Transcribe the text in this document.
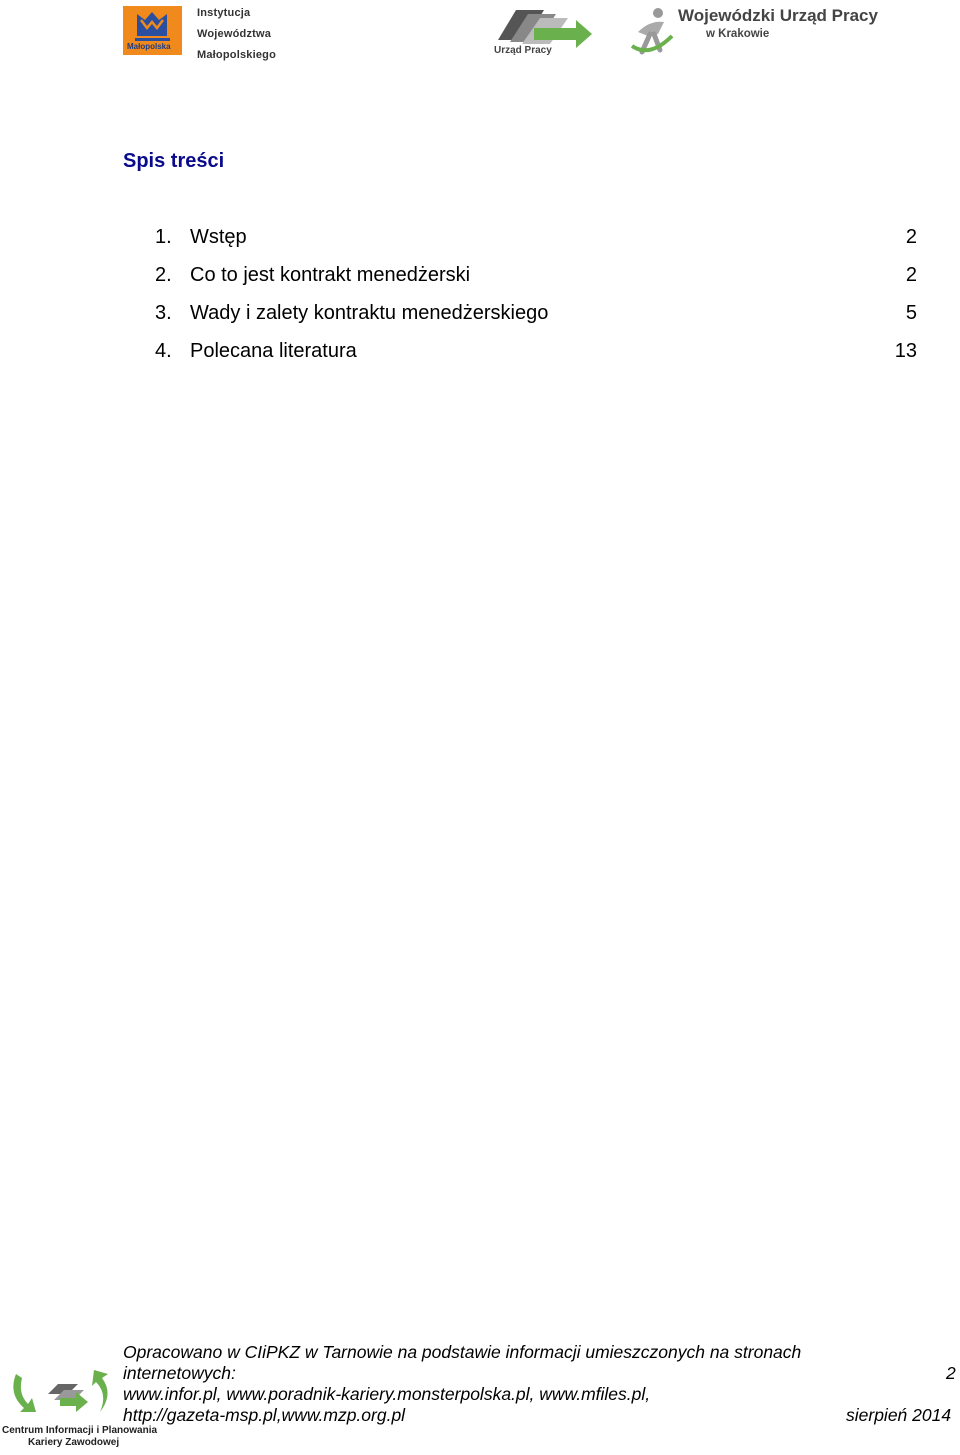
Małopolska
Instytucja
Województwa
Małopolskiego	Urząd Pracy
Wojewódzki Urząd Pracy
w Krakowie
Spis treści
1. Wstęp	2
2. Co to jest kontrakt menedżerski	2
3. Wady i zalety kontraktu menedżerskiego	5
4. Polecana literatura	13
Centrum Informacji i Planowania
Kariery Zawodowej
Opracowano w CIiPKZ w Tarnowie na podstawie informacji umieszczonych na stronach
internetowych:
www.infor.pl, www.poradnik-kariery.monsterpolska.pl, www.mfiles.pl,
http://gazeta-msp.pl,www.mzp.org.pl
2
sierpień 2014
